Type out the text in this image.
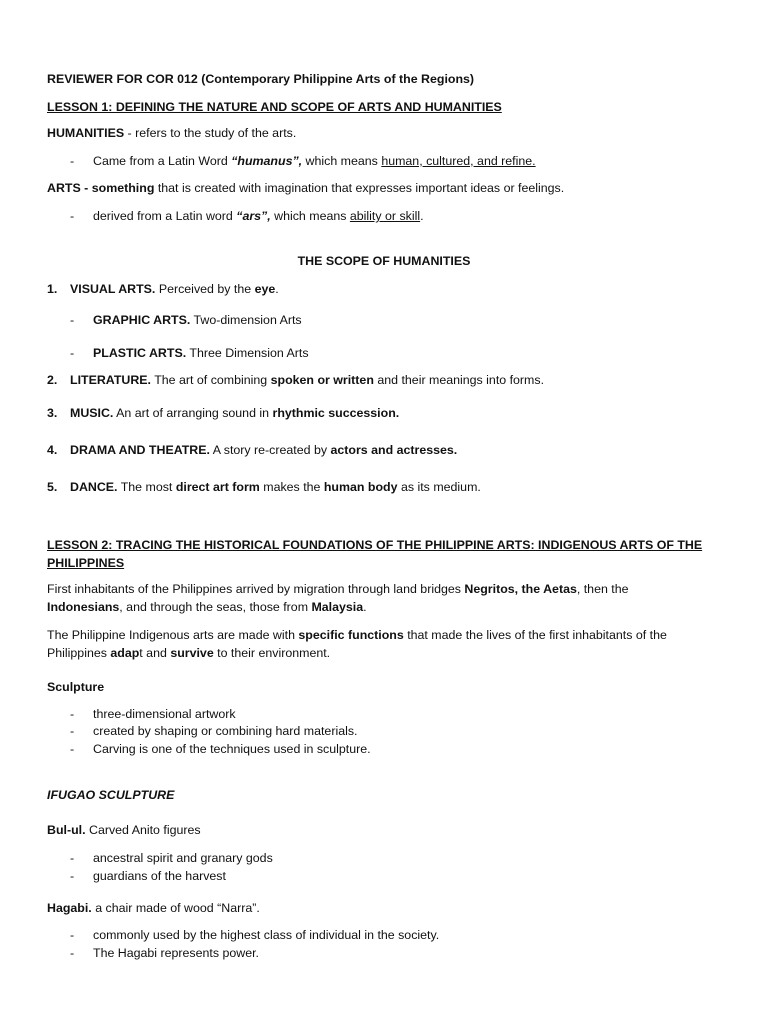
REVIEWER FOR COR 012 (Contemporary Philippine Arts of the Regions)
LESSON 1: DEFINING THE NATURE AND SCOPE OF ARTS AND HUMANITIES
HUMANITIES - refers to the study of the arts.
- Came from a Latin Word “humanus”, which means human, cultured, and refine.
ARTS - something that is created with imagination that expresses important ideas or feelings.
- derived from a Latin word “ars”, which means ability or skill.
THE SCOPE OF HUMANITIES
1. VISUAL ARTS. Perceived by the eye.
- GRAPHIC ARTS. Two-dimension Arts
- PLASTIC ARTS. Three Dimension Arts
2. LITERATURE. The art of combining spoken or written and their meanings into forms.
3. MUSIC. An art of arranging sound in rhythmic succession.
4. DRAMA AND THEATRE. A story re-created by actors and actresses.
5. DANCE. The most direct art form makes the human body as its medium.
LESSON 2: TRACING THE HISTORICAL FOUNDATIONS OF THE PHILIPPINE ARTS: INDIGENOUS ARTS OF THE
PHILIPPINES
First inhabitants of the Philippines arrived by migration through land bridges Negritos, the Aetas, then the
Indonesians, and through the seas, those from Malaysia.
The Philippine Indigenous arts are made with specific functions that made the lives of the first inhabitants of the
Philippines adapt and survive to their environment.
Sculpture
- three-dimensional artwork
- created by shaping or combining hard materials.
- Carving is one of the techniques used in sculpture.
IFUGAO SCULPTURE
Bul-ul. Carved Anito figures
- ancestral spirit and granary gods
- guardians of the harvest
Hagabi. a chair made of wood “Narra”.
- commonly used by the highest class of individual in the society.
- The Hagabi represents power.
